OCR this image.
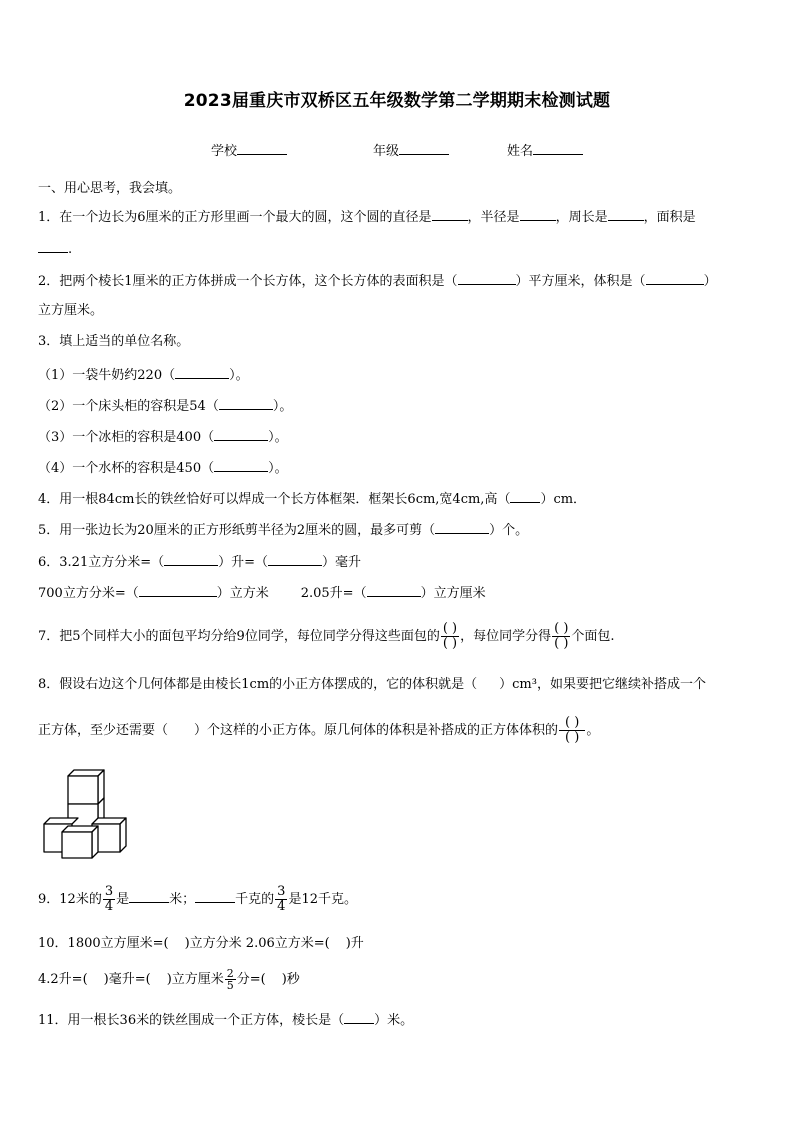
2023届重庆市双桥区五年级数学第二学期期末检测试题
学校	年级	姓名
一、用心思考，我会填。
1．在一个边长为6厘米的正方形里画一个最大的圆，这个圆的直径是	，半径是	，周长是	，面积是
.
2．把两个棱长1厘米的正方体拼成一个长方体，这个长方体的表面积是（	）平方厘米，体积是（	）
立方厘米。
3．填上适当的单位名称。
（1）一袋牛奶约220（	）。
（2）一个床头柜的容积是54（	）。
（3）一个冰柜的容积是400（	）。
（4）一个水杯的容积是450（	）。
4．用一根84cm长的铁丝恰好可以焊成一个长方体框架．框架长6cm,宽4cm,高（ ）cm．
5．用一张边长为20厘米的正方形纸剪半径为2厘米的圆，最多可剪（	）个。
6．3.21立方分米=（	）升=（	）毫升
700立方分米=（	）立方米 2.05升=（	）立方厘米
7．把5个同样大小的面包平均分给9位同学，每位同学分得这些面包的 $\frac{( )}{( )}$ ，每位同学分得 $\frac{( )}{( )}$ 个面包.
8．假设右边这个几何体都是由棱长1cm的小正方体摆成的，它的体积就是（ ）cm³，如果要把它继续补搭成一个
正方体，至少还需要（ ）个这样的小正方体。原几何体的体积是补搭成的正方体体积的 $\frac{( )}{( )}$ 。
9．12米的 $\frac{3}{4}$ 是	米；	千克的 $\frac{3}{4}$ 是12千克。
10．1800立方厘米=( )立方分米 2.06立方米=( )升
4.2升=( )毫升=( )立方厘米 $\frac{2}{5}$ 分=( )秒
11．用一根长36米的铁丝围成一个正方体，棱长是（ ）米。
